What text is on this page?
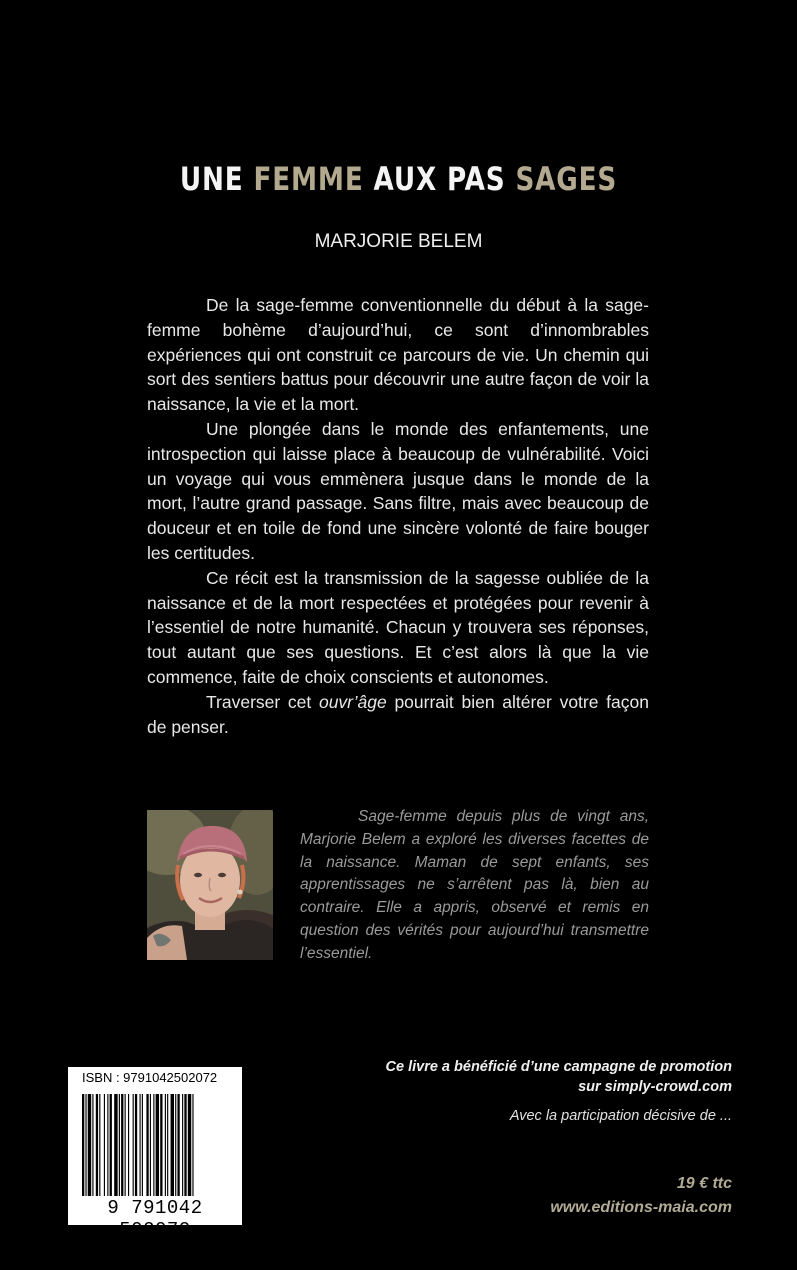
UNE FEMME AUX PAS SAGES
MARJORIE BELEM

De la sage-femme conventionnelle du début à la sage-femme bohème d’aujourd’hui, ce sont d’innombrables expériences qui ont construit ce parcours de vie. Un chemin qui sort des sentiers battus pour découvrir une autre façon de voir la naissance, la vie et la mort.

Une plongée dans le monde des enfantements, une introspection qui laisse place à beaucoup de vulnérabilité. Voici un voyage qui vous emmènera jusque dans le monde de la mort, l’autre grand passage. Sans filtre, mais avec beaucoup de douceur et en toile de fond une sincère volonté de faire bouger les certitudes.

Ce récit est la transmission de la sagesse oubliée de la naissance et de la mort respectées et protégées pour revenir à l’essentiel de notre humanité. Chacun y trouvera ses réponses, tout autant que ses questions. Et c’est alors là que la vie commence, faite de choix conscients et autonomes.

Traverser cet ouvr’âge pourrait bien altérer votre façon de penser.

Sage-femme depuis plus de vingt ans, Marjorie Belem a exploré les diverses facettes de la naissance. Maman de sept enfants, ses apprentissages ne s’arrêtent pas là, bien au contraire. Elle a appris, observé et remis en question des vérités pour aujourd’hui transmettre l’essentiel.

ISBN : 9791042502072
9 791042 502072
Ce livre a bénéficié d’une campagne de promotion
sur simply-crowd.com
Avec la participation décisive de ...
19 € ttc
www.editions-maia.com
